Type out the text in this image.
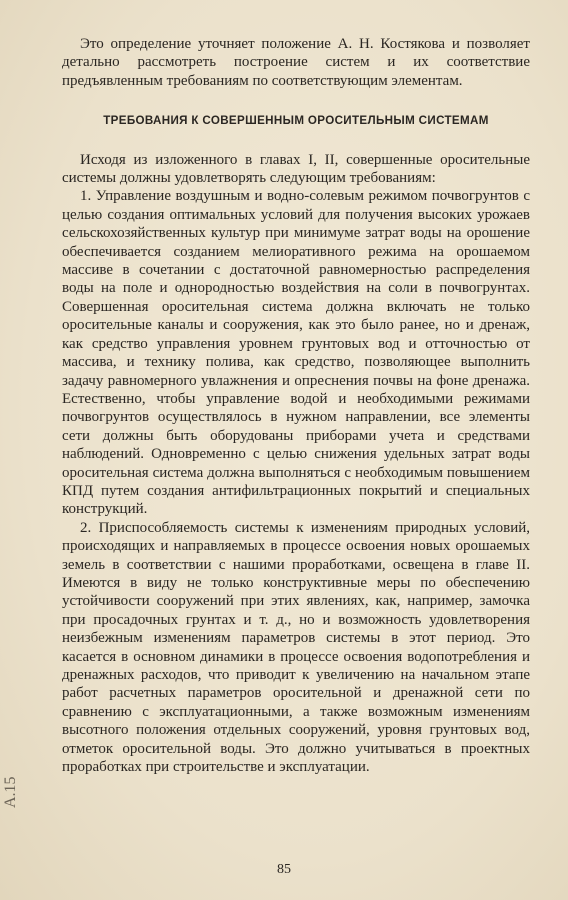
Это определение уточняет положение А. Н. Костякова и позволяет детально рассмотреть построение систем и их соответствие предъявленным требованиям по соответствующим элементам.

ТРЕБОВАНИЯ К СОВЕРШЕННЫМ ОРОСИТЕЛЬНЫМ СИСТЕМАМ

Исходя из изложенного в главах I, II, совершенные оросительные системы должны удовлетворять следующим требованиям:

1. Управление воздушным и водно-солевым режимом почвогрунтов с целью создания оптимальных условий для получения высоких урожаев сельскохозяйственных культур при минимуме затрат воды на орошение обеспечивается созданием мелиоративного режима на орошаемом массиве в сочетании с достаточной равномерностью распределения воды на поле и однородностью воздействия на соли в почвогрунтах. Совершенная оросительная система должна включать не только оросительные каналы и сооружения, как это было ранее, но и дренаж, как средство управления уровнем грунтовых вод и отточностью от массива, и технику полива, как средство, позволяющее выполнить задачу равномерного увлажнения и опреснения почвы на фоне дренажа. Естественно, чтобы управление водой и необходимыми режимами почвогрунтов осуществлялось в нужном направлении, все элементы сети должны быть оборудованы приборами учета и средствами наблюдений. Одновременно с целью снижения удельных затрат воды оросительная система должна выполняться с необходимым повышением КПД путем создания антифильтрационных покрытий и специальных конструкций.

2. Приспособляемость системы к изменениям природных условий, происходящих и направляемых в процессе освоения новых орошаемых земель в соответствии с нашими проработками, освещена в главе II. Имеются в виду не только конструктивные меры по обеспечению устойчивости сооружений при этих явлениях, как, например, замочка при просадочных грунтах и т. д., но и возможность удовлетворения неизбежным изменениям параметров системы в этот период. Это касается в основном динамики в процессе освоения водопотребления и дренажных расходов, что приводит к увеличению на начальном этапе работ расчетных параметров оросительной и дренажной сети по сравнению с эксплуатационными, а также возможным изменениям высотного положения отдельных сооружений, уровня грунтовых вод, отметок оросительной воды. Это должно учитываться в проектных проработках при строительстве и эксплуатации.

A.15
85
